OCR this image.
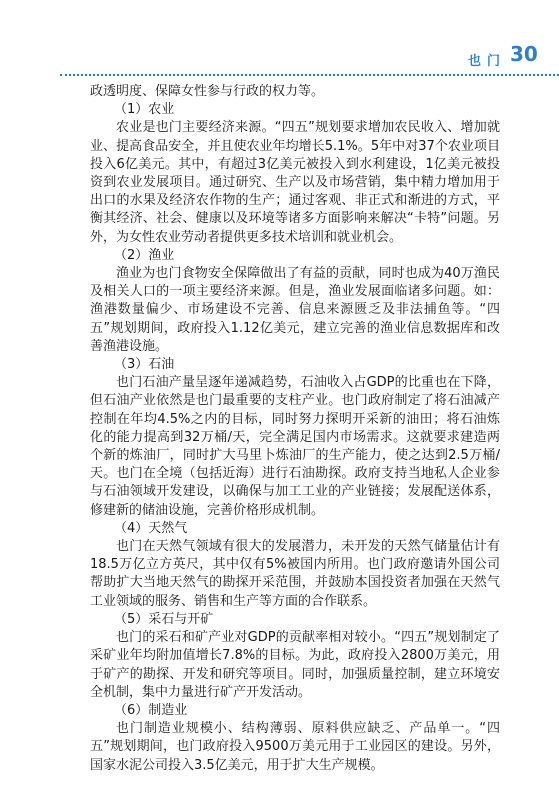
也门 30

政透明度、保障女性参与行政的权力等。

（1）农业

农业是也门主要经济来源。“四五”规划要求增加农民收入、增加就业、提高食品安全，并且使农业年均增长5.1%。5年中对37个农业项目投入6亿美元。其中，有超过3亿美元被投入到水利建设，1亿美元被投资到农业发展项目。通过研究、生产以及市场营销，集中精力增加用于出口的水果及经济农作物的生产；通过客观、非正式和渐进的方式，平衡其经济、社会、健康以及环境等诸多方面影响来解决“卡特”问题。另外，为女性农业劳动者提供更多技术培训和就业机会。

（2）渔业

渔业为也门食物安全保障做出了有益的贡献，同时也成为40万渔民及相关人口的一项主要经济来源。但是，渔业发展面临诸多问题。如：渔港数量偏少、市场建设不完善、信息来源匮乏及非法捕鱼等。“四五”规划期间，政府投入1.12亿美元，建立完善的渔业信息数据库和改善渔港设施。

（3）石油

也门石油产量呈逐年递减趋势，石油收入占GDP的比重也在下降，但石油产业依然是也门最重要的支柱产业。也门政府制定了将石油减产控制在年均4.5%之内的目标，同时努力探明开采新的油田；将石油炼化的能力提高到32万桶/天，完全满足国内市场需求。这就要求建造两个新的炼油厂，同时扩大马里卜炼油厂的生产能力，使之达到2.5万桶/天。也门在全境（包括近海）进行石油勘探。政府支持当地私人企业参与石油领域开发建设，以确保与加工工业的产业链接；发展配送体系，修建新的储油设施，完善价格形成机制。

（4）天然气

也门在天然气领域有很大的发展潜力，未开发的天然气储量估计有18.5万亿立方英尺，其中仅有5%被国内所用。也门政府邀请外国公司帮助扩大当地天然气的勘探开采范围，并鼓励本国投资者加强在天然气工业领域的服务、销售和生产等方面的合作联系。

（5）采石与开矿

也门的采石和矿产业对GDP的贡献率相对较小。“四五”规划制定了采矿业年均附加值增长7.8%的目标。为此，政府投入2800万美元，用于矿产的勘探、开发和研究等项目。同时，加强质量控制，建立环境安全机制，集中力量进行矿产开发活动。

（6）制造业

也门制造业规模小、结构薄弱、原料供应缺乏、产品单一。“四五”规划期间，也门政府投入9500万美元用于工业园区的建设。另外，国家水泥公司投入3.5亿美元，用于扩大生产规模。
